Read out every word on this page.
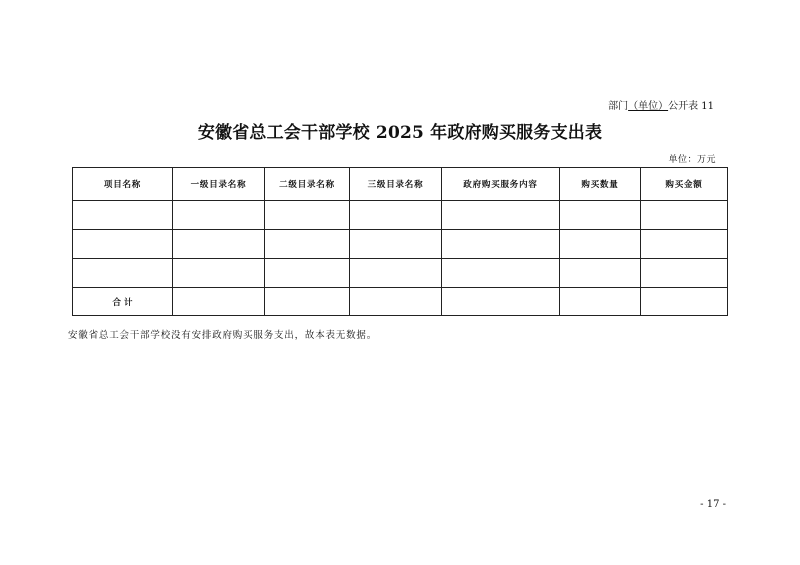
部门（单位）公开表 11
安徽省总工会干部学校 2025 年政府购买服务支出表
单位：万元
项目名称	一级目录名称	二级目录名称	三级目录名称	政府购买服务内容	购买数量	购买金额

合 计						
安徽省总工会干部学校没有安排政府购买服务支出，故本表无数据。
- 17 -
